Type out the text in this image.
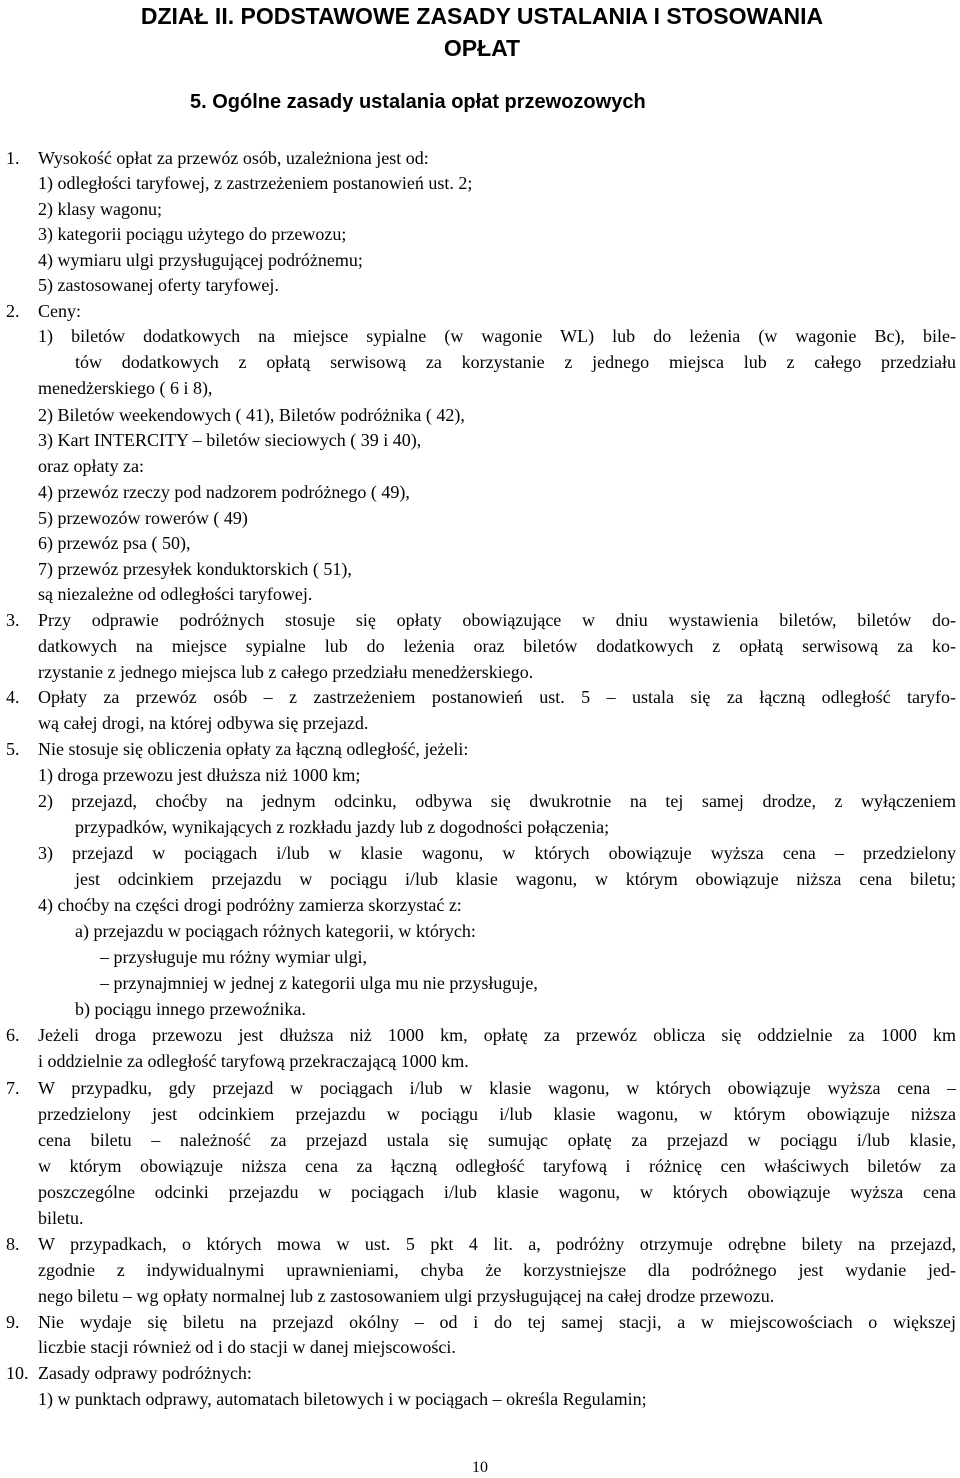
DZIAŁ II. PODSTAWOWE ZASADY USTALANIA I STOSOWANIA
OPŁAT
5. Ogólne zasady ustalania opłat przewozowych
1. Wysokość opłat za przewóz osób, uzależniona jest od:
1) odległości taryfowej, z zastrzeżeniem postanowień ust. 2;
2) klasy wagonu;
3) kategorii pociągu użytego do przewozu;
4) wymiaru ulgi przysługującej podróżnemu;
5) zastosowanej oferty taryfowej.
2. Ceny:
1) biletów dodatkowych na miejsce sypialne (w wagonie WL) lub do leżenia (w wagonie Bc), bile-
tów dodatkowych z opłatą serwisową za korzystanie z jednego miejsca lub z całego przedziału
menedżerskiego ( 6 i 8),
2) Biletów weekendowych ( 41), Biletów podróżnika ( 42),
3) Kart INTERCITY – biletów sieciowych ( 39 i 40),
oraz opłaty za:
4) przewóz rzeczy pod nadzorem podróżnego ( 49),
5) przewozów rowerów ( 49)
6) przewóz psa ( 50),
7) przewóz przesyłek konduktorskich ( 51),
są niezależne od odległości taryfowej.
3. Przy odprawie podróżnych stosuje się opłaty obowiązujące w dniu wystawienia biletów, biletów do-
datkowych na miejsce sypialne lub do leżenia oraz biletów dodatkowych z opłatą serwisową za ko-
rzystanie z jednego miejsca lub z całego przedziału menedżerskiego.
4. Opłaty za przewóz osób – z zastrzeżeniem postanowień ust. 5 – ustala się za łączną odległość taryfo-
wą całej drogi, na której odbywa się przejazd.
5. Nie stosuje się obliczenia opłaty za łączną odległość, jeżeli:
1) droga przewozu jest dłuższa niż 1000 km;
2) przejazd, choćby na jednym odcinku, odbywa się dwukrotnie na tej samej drodze, z wyłączeniem
przypadków, wynikających z rozkładu jazdy lub z dogodności połączenia;
3) przejazd w pociągach i/lub w klasie wagonu, w których obowiązuje wyższa cena – przedzielony
jest odcinkiem przejazdu w pociągu i/lub klasie wagonu, w którym obowiązuje niższa cena biletu;
4) choćby na części drogi podróżny zamierza skorzystać z:
a) przejazdu w pociągach różnych kategorii, w których:
– przysługuje mu różny wymiar ulgi,
– przynajmniej w jednej z kategorii ulga mu nie przysługuje,
b) pociągu innego przewoźnika.
6. Jeżeli droga przewozu jest dłuższa niż 1000 km, opłatę za przewóz oblicza się oddzielnie za 1000 km
i oddzielnie za odległość taryfową przekraczającą 1000 km.
7. W przypadku, gdy przejazd w pociągach i/lub w klasie wagonu, w których obowiązuje wyższa cena –
przedzielony jest odcinkiem przejazdu w pociągu i/lub klasie wagonu, w którym obowiązuje niższa
cena biletu – należność za przejazd ustala się sumując opłatę za przejazd w pociągu i/lub klasie,
w którym obowiązuje niższa cena za łączną odległość taryfową i różnicę cen właściwych biletów za
poszczególne odcinki przejazdu w pociągach i/lub klasie wagonu, w których obowiązuje wyższa cena
biletu.
8. W przypadkach, o których mowa w ust. 5 pkt 4 lit. a, podróżny otrzymuje odrębne bilety na przejazd,
zgodnie z indywidualnymi uprawnieniami, chyba że korzystniejsze dla podróżnego jest wydanie jed-
nego biletu – wg opłaty normalnej lub z zastosowaniem ulgi przysługującej na całej drodze przewozu.
9. Nie wydaje się biletu na przejazd okólny – od i do tej samej stacji, a w miejscowościach o większej
liczbie stacji również od i do stacji w danej miejscowości.
10. Zasady odprawy podróżnych:
1) w punktach odprawy, automatach biletowych i w pociągach – określa Regulamin;
10
